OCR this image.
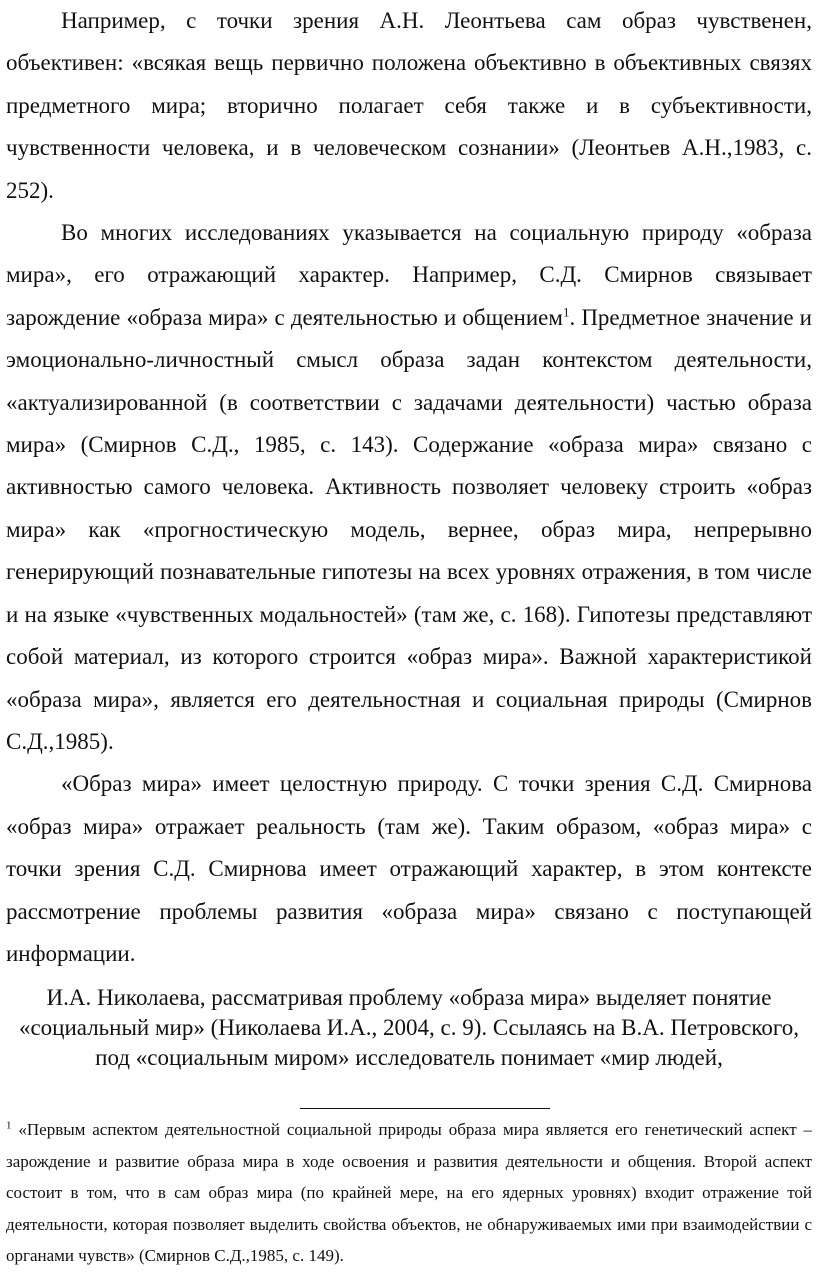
Например, с точки зрения А.Н. Леонтьева сам образ чувственен, объективен: «всякая вещь первично положена объективно в объективных связях предметного мира; вторично полагает себя также и в субъективности, чувственности человека, и в человеческом сознании» (Леонтьев А.Н.,1983, с. 252).

Во многих исследованиях указывается на социальную природу «образа мира», его отражающий характер. Например, С.Д. Смирнов связывает зарождение «образа мира» с деятельностью и общением$^1$. Предметное значение и эмоционально-личностный смысл образа задан контекстом деятельности, «актуализированной (в соответствии с задачами деятельности) частью образа мира» (Смирнов С.Д., 1985, с. 143). Содержание «образа мира» связано с активностью самого человека. Активность позволяет человеку строить «образ мира» как «прогностическую модель, вернее, образ мира, непрерывно генерирующий познавательные гипотезы на всех уровнях отражения, в том числе и на языке «чувственных модальностей» (там же, с. 168). Гипотезы представляют собой материал, из которого строится «образ мира». Важной характеристикой «образа мира», является его деятельностная и социальная природы (Смирнов С.Д.,1985).

«Образ мира» имеет целостную природу. С точки зрения С.Д. Смирнова «образ мира» отражает реальность (там же). Таким образом, «образ мира» с точки зрения С.Д. Смирнова имеет отражающий характер, в этом контексте рассмотрение проблемы развития «образа мира» связано с поступающей информации.

И.А. Николаева, рассматривая проблему «образа мира» выделяет понятие «социальный мир» (Николаева И.А., 2004, с. 9). Ссылаясь на В.А. Петровского, под «социальным миром» исследователь понимает «мир людей,

$^1$ «Первым аспектом деятельностной социальной природы образа мира является его генетический аспект – зарождение и развитие образа мира в ходе освоения и развития деятельности и общения. Второй аспект состоит в том, что в сам образ мира (по крайней мере, на его ядерных уровнях) входит отражение той деятельности, которая позволяет выделить свойства объектов, не обнаруживаемых ими при взаимодействии с органами чувств» (Смирнов С.Д.,1985, с. 149).
